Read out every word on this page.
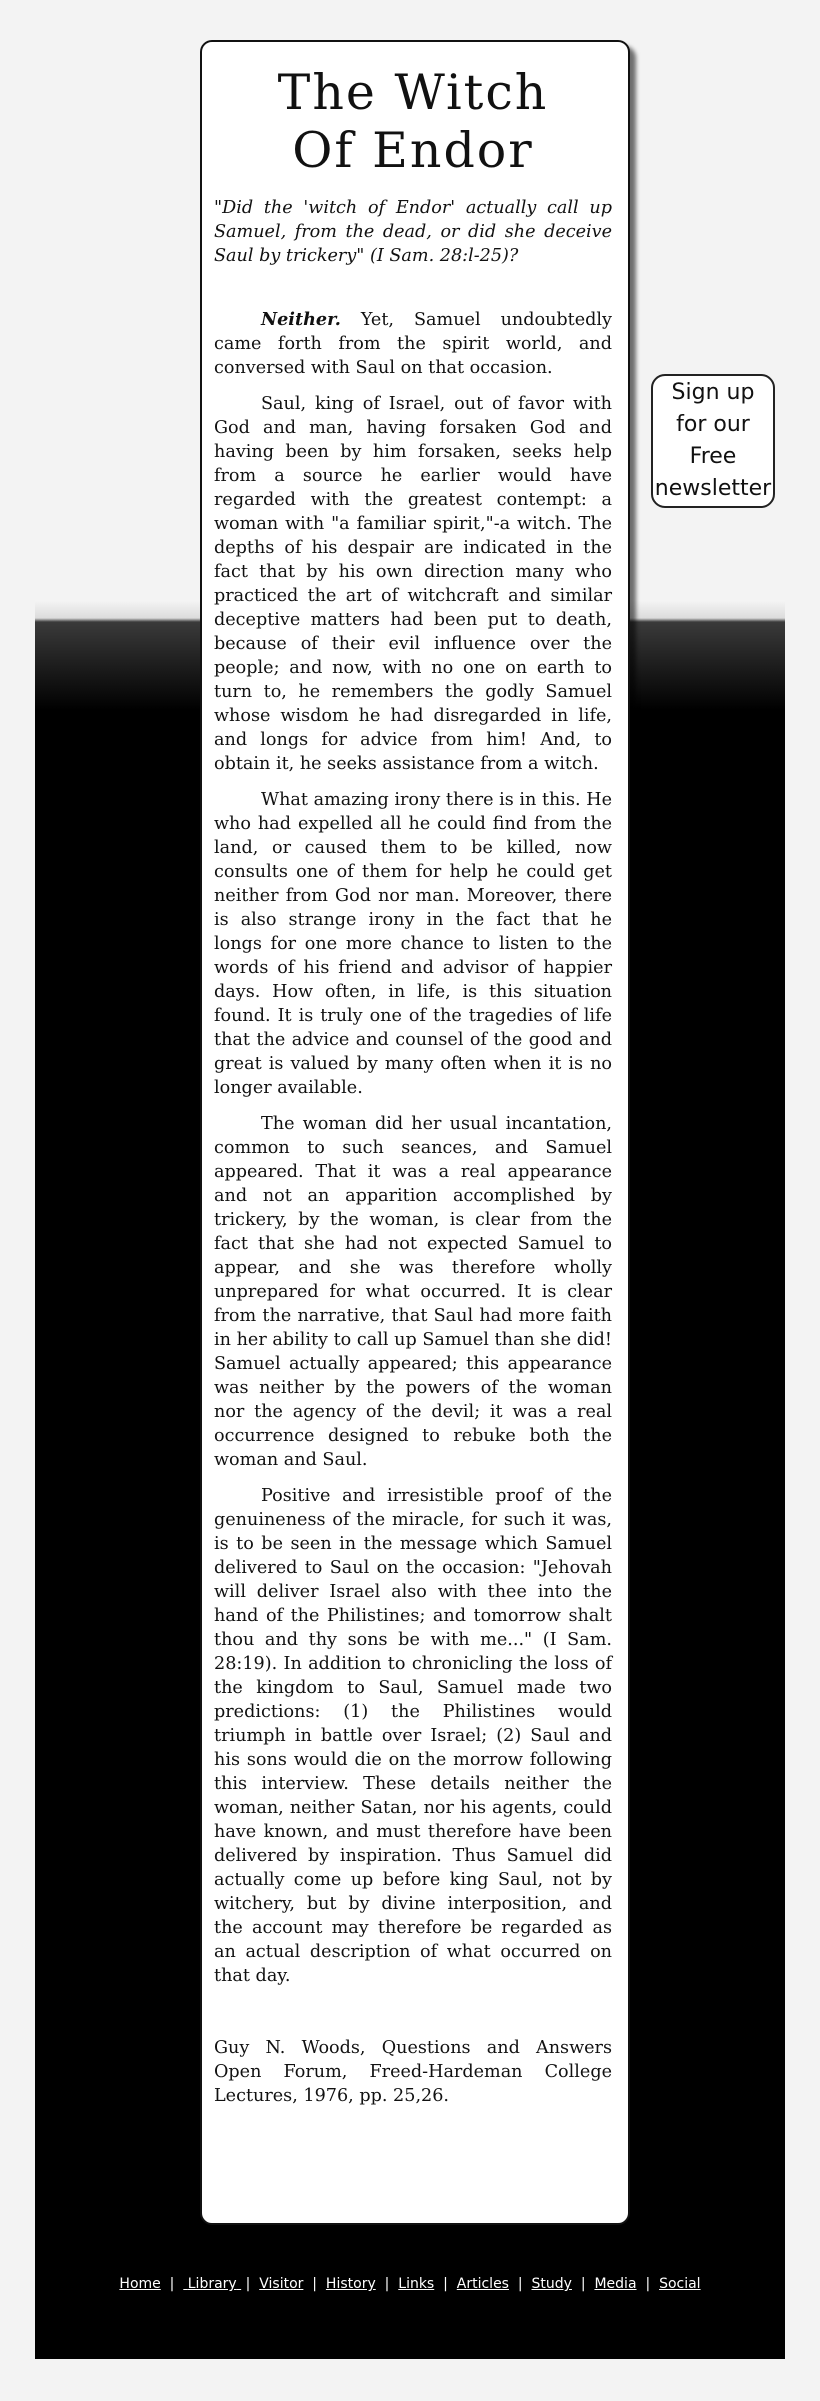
The Witch
Of Endor

"Did the 'witch of Endor' actually call up Samuel, from the dead, or did she deceive Saul by trickery" (I Sam. 28:l-25)?

Neither. Yet, Samuel undoubtedly came forth from the spirit world, and conversed with Saul on that occasion.

Saul, king of Israel, out of favor with God and man, having forsaken God and having been by him forsaken, seeks help from a source he earlier would have regarded with the greatest contempt: a woman with "a familiar spirit,"-a witch. The depths of his despair are indicated in the fact that by his own direction many who practiced the art of witchcraft and similar deceptive matters had been put to death, because of their evil influence over the people; and now, with no one on earth to turn to, he remembers the godly Samuel whose wisdom he had disregarded in life, and longs for advice from him! And, to obtain it, he seeks assistance from a witch.

What amazing irony there is in this. He who had expelled all he could find from the land, or caused them to be killed, now consults one of them for help he could get neither from God nor man. Moreover, there is also strange irony in the fact that he longs for one more chance to listen to the words of his friend and advisor of happier days. How often, in life, is this situation found. It is truly one of the tragedies of life that the advice and counsel of the good and great is valued by many often when it is no longer available.

The woman did her usual incantation, common to such seances, and Samuel appeared. That it was a real appearance and not an apparition accomplished by trickery, by the woman, is clear from the fact that she had not expected Samuel to appear, and she was therefore wholly unprepared for what occurred. It is clear from the narrative, that Saul had more faith in her ability to call up Samuel than she did! Samuel actually appeared; this appearance was neither by the powers of the woman nor the agency of the devil; it was a real occurrence designed to rebuke both the woman and Saul.

Positive and irresistible proof of the genuineness of the miracle, for such it was, is to be seen in the message which Samuel delivered to Saul on the occasion: "Jehovah will deliver Israel also with thee into the hand of the Philistines; and tomorrow shalt thou and thy sons be with me..." (I Sam. 28:19). In addition to chronicling the loss of the kingdom to Saul, Samuel made two predictions: (1) the Philistines would triumph in battle over Israel; (2) Saul and his sons would die on the morrow following this interview. These details neither the woman, neither Satan, nor his agents, could have known, and must therefore have been delivered by inspiration. Thus Samuel did actually come up before king Saul, not by witchery, but by divine interposition, and the account may therefore be regarded as an actual description of what occurred on that day.

Guy N. Woods, Questions and Answers Open Forum, Freed-Hardeman College Lectures, 1976, pp. 25,26.
Sign up
for our
Free
newsletter
Home | Library | Visitor | History | Links | Articles | Study | Media | Social
